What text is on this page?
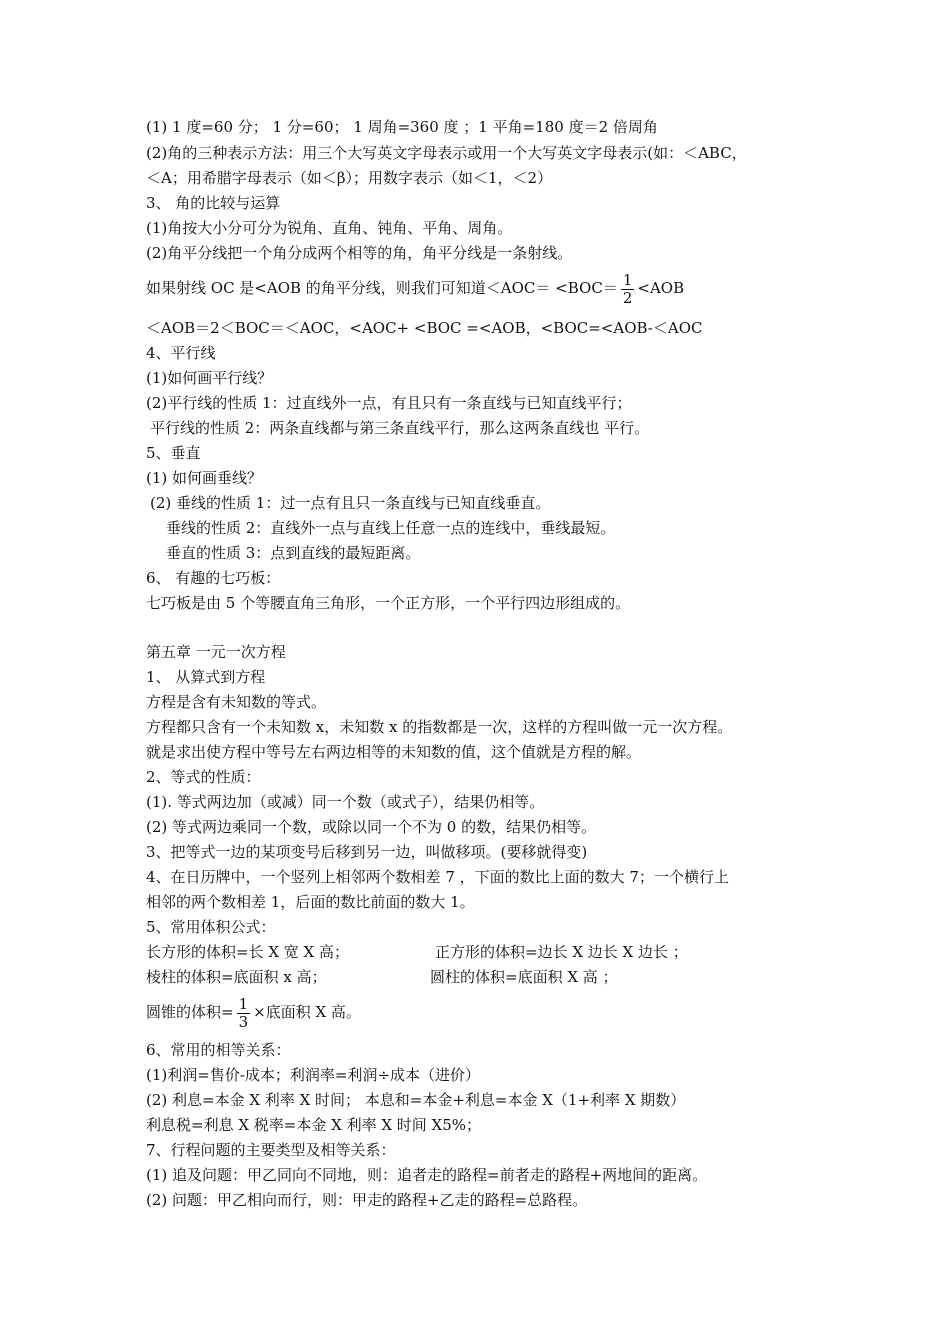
(1) 1 度=60 分； 1 分=60； 1 周角=360 度 ；1 平角=180 度＝2 倍周角
(2)角的三种表示方法：用三个大写英文字母表示或用一个大写英文字母表示(如：＜ABC，
＜A；用希腊字母表示（如＜β）；用数字表示（如＜1，＜2）
3、 角的比较与运算
(1)角按大小分可分为锐角、直角、钝角、平角、周角。
(2)角平分线把一个角分成两个相等的角，角平分线是一条射线。
如果射线 OC 是<AOB 的角平分线，则我们可知道$<AOC= <BOC= \frac{1}{2} <AOB$
＜AOB＝2＜BOC＝＜AOC，<AOC+ <BOC =<AOB，<BOC=<AOB-＜AOC
4、平行线
(1)如何画平行线？
(2)平行线的性质 1：过直线外一点，有且只有一条直线与已知直线平行；
平行线的性质 2：两条直线都与第三条直线平行，那么这两条直线也 平行。
5、垂直
(1) 如何画垂线？
(2) 垂线的性质 1：过一点有且只一条直线与已知直线垂直。
垂线的性质 2：直线外一点与直线上任意一点的连线中，垂线最短。
垂直的性质 3：点到直线的最短距离。
6、 有趣的七巧板：
七巧板是由 5 个等腰直角三角形，一个正方形，一个平行四边形组成的。
第五章 一元一次方程
1、 从算式到方程
方程是含有未知数的等式。
方程都只含有一个未知数 x，未知数 x 的指数都是一次，这样的方程叫做一元一次方程。
就是求出使方程中等号左右两边相等的未知数的值，这个值就是方程的解。
2、等式的性质：
(1). 等式两边加（或减）同一个数（或式子），结果仍相等。
(2) 等式两边乘同一个数，或除以同一个不为 0 的数，结果仍相等。
3、把等式一边的某项变号后移到另一边，叫做移项。(要移就得变)
4、在日历牌中，一个竖列上相邻两个数相差 7 ，下面的数比上面的数大 7；一个横行上
相邻的两个数相差 1，后面的数比前面的数大 1。
5、常用体积公式：
长方形的体积=长 X 宽 X 高；	正方形的体积=边长 X 边长 X 边长 ；
棱柱的体积=底面积 x 高；	圆柱的体积=底面积 X 高 ；
圆锥的体积= $\frac{1}{3}$ ×底面积 X 高。
6、常用的相等关系：
(1)利润=售价-成本；利润率=利润÷成本（进价）
(2) 利息=本金 X 利率 X 时间； 本息和=本金+利息=本金 X（1+利率 X 期数）
利息税=利息 X 税率=本金 X 利率 X 时间 X5%；
7、行程问题的主要类型及相等关系：
(1) 追及问题：甲乙同向不同地，则：追者走的路程=前者走的路程+两地间的距离。
(2) 问题：甲乙相向而行，则：甲走的路程+乙走的路程=总路程。
